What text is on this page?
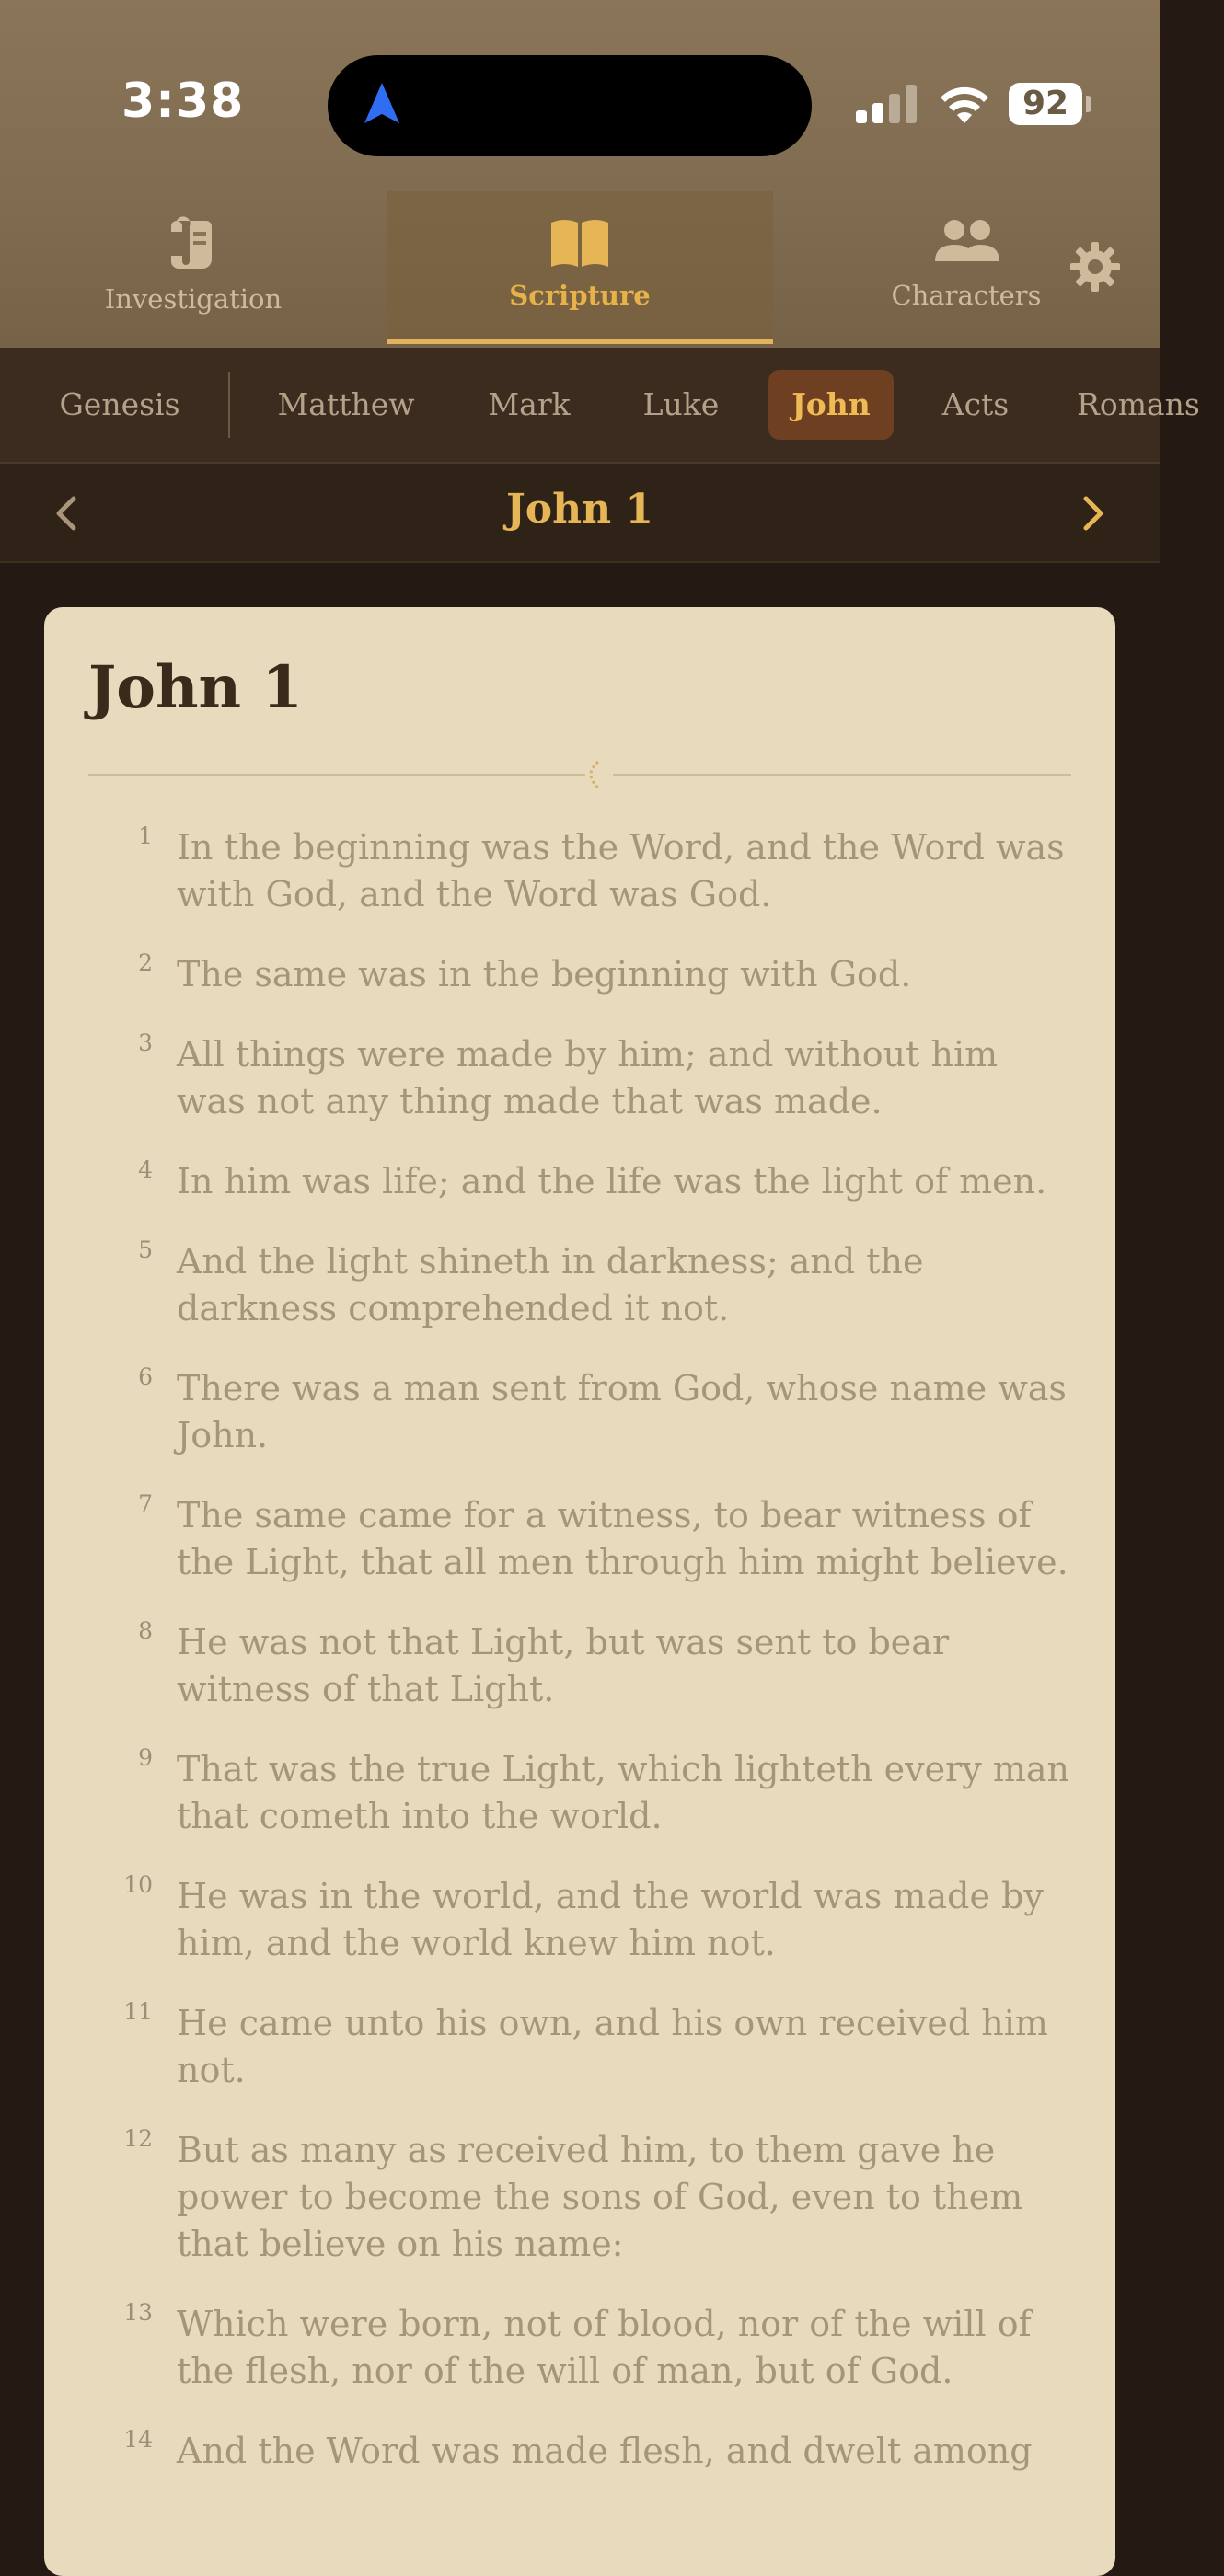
3:38	92
Investigation	Scripture	Characters
Genesis	Matthew	Mark	Luke	John	Acts	Romans
John 1
John 1
1 In the beginning was the Word, and the Word was with God, and the Word was God.
2 The same was in the beginning with God.
3 All things were made by him; and without him was not any thing made that was made.
4 In him was life; and the life was the light of men.
5 And the light shineth in darkness; and the darkness comprehended it not.
6 There was a man sent from God, whose name was John.
7 The same came for a witness, to bear witness of the Light, that all men through him might believe.
8 He was not that Light, but was sent to bear witness of that Light.
9 That was the true Light, which lighteth every man that cometh into the world.
10 He was in the world, and the world was made by him, and the world knew him not.
11 He came unto his own, and his own received him not.
12 But as many as received him, to them gave he power to become the sons of God, even to them that believe on his name:
13 Which were born, not of blood, nor of the will of the flesh, nor of the will of man, but of God.
14 And the Word was made flesh, and dwelt among
